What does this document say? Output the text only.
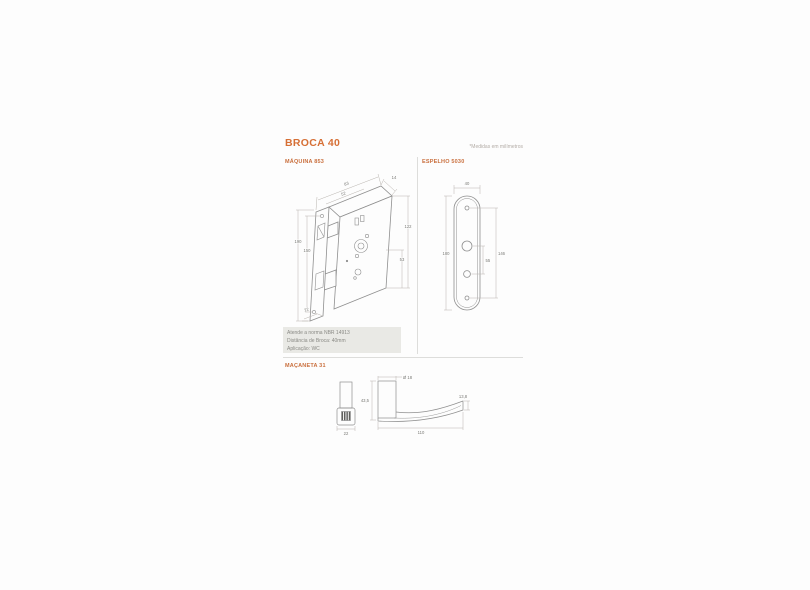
BROCA 40	*Medidas em milímetros
MÁQUINA 853
83
52
14
122
53
190
150
22
Atende a norma NBR 14913
Distância de Broca: 40mm
Aplicação: WC
ESPELHO 5030
40
180	146
55
MAÇANETA 31
22
43,5
Ø 18
13,8
110
